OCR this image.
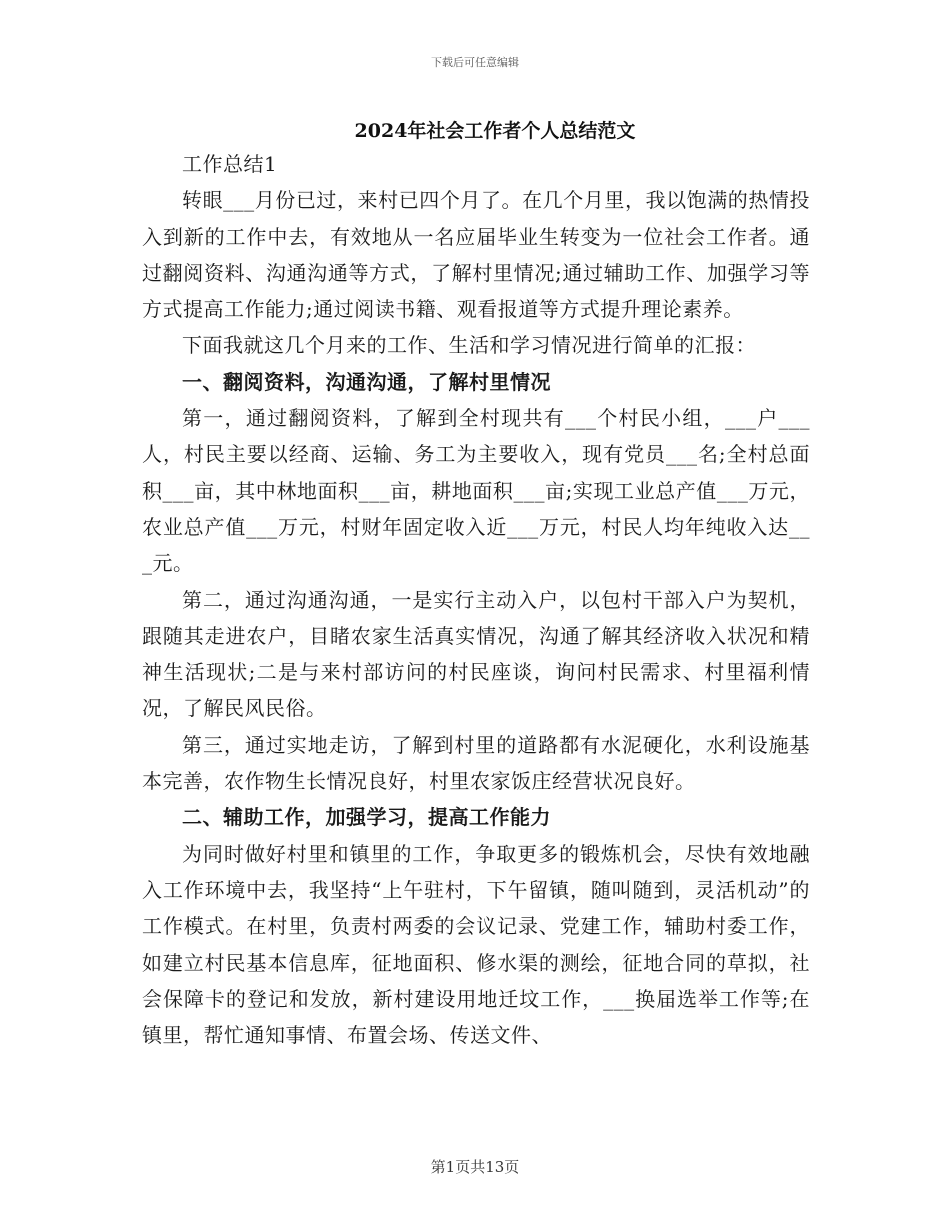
下载后可任意编辑
2024年社会工作者个人总结范文

工作总结1

转眼___月份已过，来村已四个月了。在几个月里，我以饱满的热情投入到新的工作中去，有效地从一名应届毕业生转变为一位社会工作者。通过翻阅资料、沟通沟通等方式，了解村里情况;通过辅助工作、加强学习等方式提高工作能力;通过阅读书籍、观看报道等方式提升理论素养。

下面我就这几个月来的工作、生活和学习情况进行简单的汇报：

一、翻阅资料，沟通沟通，了解村里情况

第一，通过翻阅资料，了解到全村现共有___个村民小组，___户___人，村民主要以经商、运输、务工为主要收入，现有党员___名;全村总面积___亩，其中林地面积___亩，耕地面积___亩;实现工业总产值___万元，农业总产值___万元，村财年固定收入近___万元，村民人均年纯收入达___元。

第二，通过沟通沟通，一是实行主动入户，以包村干部入户为契机，跟随其走进农户，目睹农家生活真实情况，沟通了解其经济收入状况和精神生活现状;二是与来村部访问的村民座谈，询问村民需求、村里福利情况，了解民风民俗。

第三，通过实地走访，了解到村里的道路都有水泥硬化，水利设施基本完善，农作物生长情况良好，村里农家饭庄经营状况良好。

二、辅助工作，加强学习，提高工作能力

为同时做好村里和镇里的工作，争取更多的锻炼机会，尽快有效地融入工作环境中去，我坚持“上午驻村，下午留镇，随叫随到，灵活机动”的工作模式。在村里，负责村两委的会议记录、党建工作，辅助村委工作，如建立村民基本信息库，征地面积、修水渠的测绘，征地合同的草拟，社会保障卡的登记和发放，新村建设用地迁坟工作，___换届选举工作等;在镇里，帮忙通知事情、布置会场、传送文件、

第1页共13页
